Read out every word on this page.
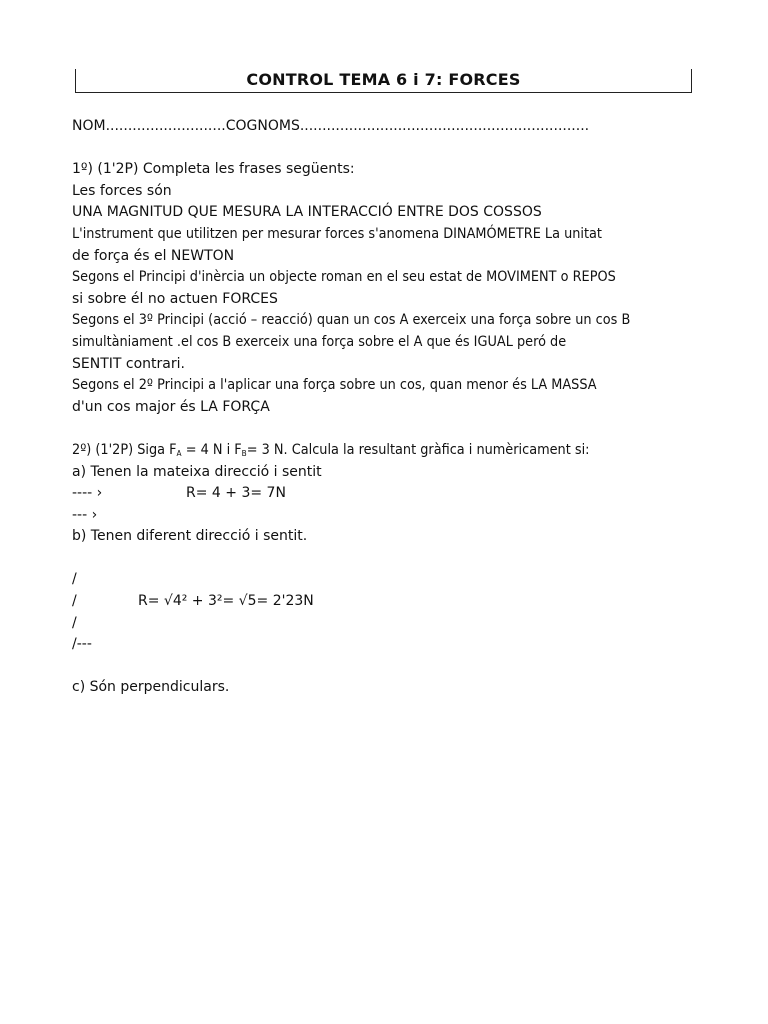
CONTROL TEMA 6 i 7: FORCES
NOM...........................COGNOMS.................................................................
1º) (1'2P) Completa les frases següents:
Les forces són
UNA MAGNITUD QUE MESURA LA INTERACCIÓ ENTRE DOS COSSOS
L'instrument que utilitzen per mesurar forces s'anomena DINAMÓMETRE La unitat
de força és el NEWTON
Segons el Principi d'inèrcia un objecte roman en el seu estat de MOVIMENT o REPOS
si sobre él no actuen FORCES
Segons el 3º Principi (acció – reacció) quan un cos A exerceix una força sobre un cos B
simultàniament .el cos B exerceix una força sobre el A que és IGUAL peró de
SENTIT contrari.
Segons el 2º Principi a l'aplicar una força sobre un cos, quan menor és LA MASSA
d'un cos major és LA FORÇA
2º) (1'2P) Siga $F_A = 4$ N i $F_B= 3$ N. Calcula la resultant gràfica i numèricament si:
a) Tenen la mateixa direcció i sentit
---- ›	R= 4 + 3= 7N
--- ›
b) Tenen diferent direcció i sentit.
/
/	R= √4² + 3²= √5= 2'23N
/
/---
c) Són perpendiculars.
